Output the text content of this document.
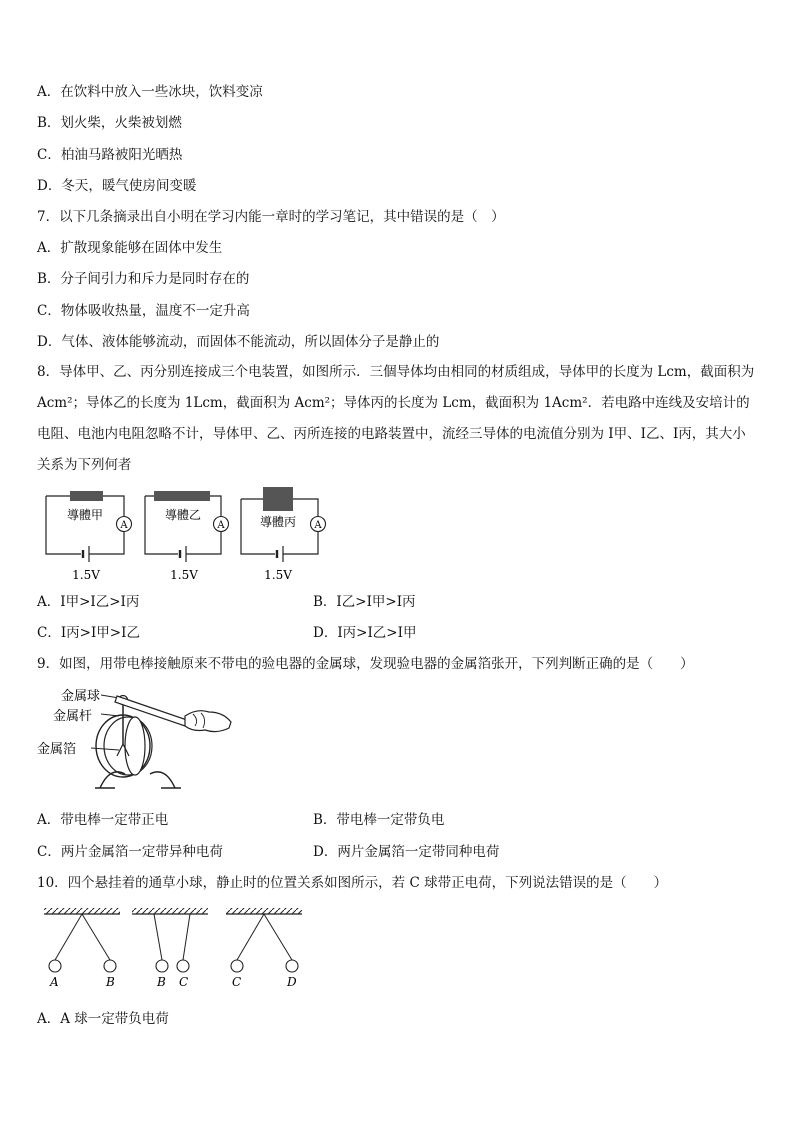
A．在饮料中放入一些冰块，饮料变凉
B．划火柴，火柴被划燃
C．柏油马路被阳光晒热
D．冬天，暖气使房间变暖
7．以下几条摘录出自小明在学习内能一章时的学习笔记，其中错误的是（　）
A．扩散现象能够在固体中发生
B．分子间引力和斥力是同时存在的
C．物体吸收热量，温度不一定升高
D．气体、液体能够流动，而固体不能流动，所以固体分子是静止的
8．导体甲、乙、丙分别连接成三个电装置，如图所示．三個导体均由相同的材质组成，导体甲的长度为 Lcm，截面积为 Acm²；导体乙的长度为 1Lcm，截面积为 Acm²；导体丙的长度为 Lcm，截面积为 1Acm²．若电路中连线及安培计的电阻、电池内电阻忽略不计，导体甲、乙、丙所连接的电路装置中，流经三导体的电流值分别为 I甲、I乙、I丙，其大小关系为下列何者
A
導體甲
1.5V
A
導體乙
1.5V
A
導體丙
1.5V
A．I甲>I乙>I丙	B．I乙>I甲>I丙
C．I丙>I甲>I乙	D．I丙>I乙>I甲
9．如图，用带电棒接触原来不带电的验电器的金属球，发现验电器的金属箔张开，下列判断正确的是（　　）
金属球
金属杆
金属箔
A．带电棒一定带正电	B．带电棒一定带负电
C．两片金属箔一定带异种电荷	D．两片金属箔一定带同种电荷
10．四个悬挂着的通草小球，静止时的位置关系如图所示，若 C 球带正电荷，下列说法错误的是（　　）
A	B	B C	C	D
A．A 球一定带负电荷
